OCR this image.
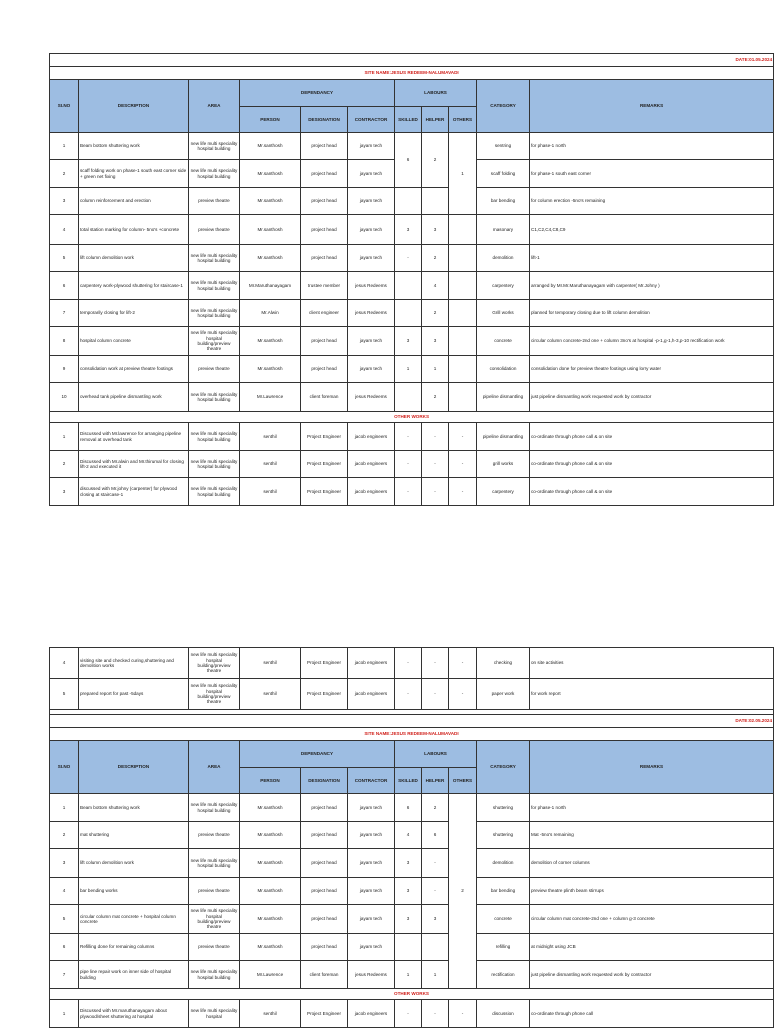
DATE:01.05.2024										
SITE NAME:JESUS REDEEM-NALUMAVADI										
SI.NO	DESCRIPTION	AREA	DEPENDANCY			LABOURS			CATEGORY	REMARKS
			PERSON	DESIGNATION	CONTRACTOR	SKILLED	HELPER	OTHERS		
1	Beam bottom shuttering work	new life multi speciality hospital building	Mr.santhosh	project head	jayam tech	6	2	1	sentring	for phase-1 north
2	scaff folding work on phase-1 south east corner side + green net fixing	new life multi speciality hospital building	Mr.santhosh	project head	jayam tech				scaff folding	for phase-1 south east corner
3	column reinforcement and erection	preview theatre	Mr.santhosh	project head	jayam tech				bar bending	for column erection -5no's remaining
4	total station marking for column- 5no's +concrete	preview theatre	Mr.santhosh	project head	jayam tech	3	3		masonary	C1,C2,C4,C8,C9
5	lift column demolition work	new life multi speciality hospital building	Mr.santhosh	project head	jayam tech	-	2		demolition	lift-1
6	carpentery work-plywood shuttering for staircase-1	new life multi speciality hospital building	Mr.Maruthanayagam	trustee member	jesus Redeems		4		carpentery	arranged by Mr.Mr.Maruthanayagam with carpenter( Mr.Johny )
7	temporarily closing for lift-2	new life multi speciality hospital building	Mr.Alwin	client engineer	jesus Redeems		2		Grill works	planned for temporary closing due to lift column demolition
8	hospital column concrete	new life multi speciality hospital building/preview theatre	Mr.santhosh	project head	jayam tech	3	3		concrete	circular column concrete-2nd one + column 3no's at hospital -p-1,g-1,h-3,p-10 rectification work
9	consolidation work at preview theatre footings	preview theatre	Mr.santhosh	project head	jayam tech	1	1		consolidation	consolidation done for preview theatre footings using lorry water
10	overhead tank pipeline dismantling work	new life multi speciality hospital building	Mr.Lawrence	client foreman	jesus Redeems		2		pipeline dismantling	just pipeline dismantling work requested work by contractor
OTHER WORKS										
1	Discussed with Mr.lawrence for arranging pipeline removal at overhead tank	new life multi speciality hospital building	senthil	Project Engineer	jacob engineers	-	-	-	pipeline dismantling	co-ordinate through phone call & on site
2	Discussed with Mr.alwin and Mr.thirumal for closing lift-2 and executed it	new life multi speciality hospital building	senthil	Project Engineer	jacob engineers	-	-	-	grill works	co-ordinate through phone call & on site
3	discussed with Mr.johny (carpenter) for plywood closing at staircase-1	new life multi speciality hospital building	senthil	Project Engineer	jacob engineers	-	-	-	carpentery	co-ordinate through phone call & on site
4	visiting site and checked curing,shuttering and demolition works	new life multi speciality hospital building/preview theatre	senthil	Project Engineer	jacob engineers	-	-	-	checking	on site activities
5	prepared report for past -5days	new life multi speciality hospital building/preview theatre	senthil	Project Engineer	jacob engineers	-	-	-	paper work	for work report

DATE:02.05.2024										
SITE NAME:JESUS REDEEM-NALUMAVADI										
SI.NO	DESCRIPTION	AREA	DEPENDANCY			LABOURS			CATEGORY	REMARKS
			PERSON	DESIGNATION	CONTRACTOR	SKILLED	HELPER	OTHERS		
1	Beam bottom shuttering work	new life multi speciality hospital building	Mr.santhosh	project head	jayam tech	6	2	2	shuttering	for phase-1 north
2	mat shuttering	preview theatre	Mr.santhosh	project head	jayam tech	4	6		shuttering	Mat -5no's remaining
3	lift column demolition work	new life multi speciality hospital building	Mr.santhosh	project head	jayam tech	3	-		demolition	demolition of corner columns
4	bar bending works	preview theatre	Mr.santhosh	project head	jayam tech	3	-		bar bending	preview theatre plinth beam stirrups
5	circular column mat concrete + hospital column concrete	new life multi speciality hospital building/preview theatre	Mr.santhosh	project head	jayam tech	3	3		concrete	circular column mat concrete-2nd one + column g-3 concrete
6	Refilling done for remaining columns	preview theatre	Mr.santhosh	project head	jayam tech				refilling	at midnight using JCB
7	pipe line repair work on inner side of hospital building	new life multi speciality hospital building	Mr.Lawrence	client foreman	jesus Redeems	1	1		rectification	just pipeline dismantling work requested work by contractor
OTHER WORKS										
1	Discussed with Mr.maruthanayagam about plywood/sheet shuttering at hospital	new life multi speciality hospital	senthil	Project Engineer	jacob engineers	-	-	-	discussion	co-ordinate through phone call
